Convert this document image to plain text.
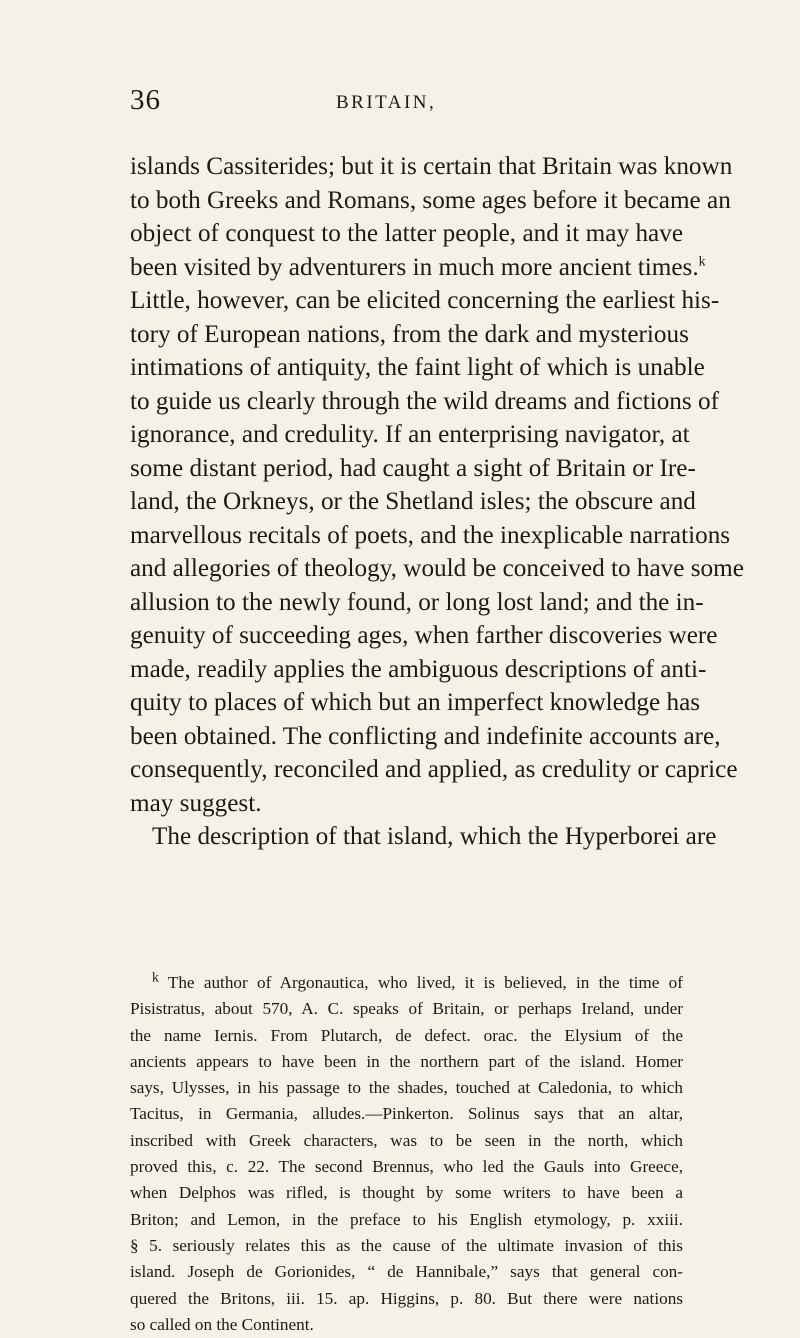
36	BRITAIN,
islands Cassiterides; but it is certain that Britain was known
to both Greeks and Romans, some ages before it became an
object of conquest to the latter people, and it may have
been visited by adventurers in much more ancient times.$^k$
Little, however, can be elicited concerning the earliest his-
tory of European nations, from the dark and mysterious
intimations of antiquity, the faint light of which is unable
to guide us clearly through the wild dreams and fictions of
ignorance, and credulity. If an enterprising navigator, at
some distant period, had caught a sight of Britain or Ire-
land, the Orkneys, or the Shetland isles; the obscure and
marvellous recitals of poets, and the inexplicable narrations
and allegories of theology, would be conceived to have some
allusion to the newly found, or long lost land; and the in-
genuity of succeeding ages, when farther discoveries were
made, readily applies the ambiguous descriptions of anti-
quity to places of which but an imperfect knowledge has
been obtained. The conflicting and indefinite accounts are,
consequently, reconciled and applied, as credulity or caprice
may suggest.
The description of that island, which the Hyperborei are
$^k$ The author of Argonautica, who lived, it is believed, in the time of
Pisistratus, about 570, A. C. speaks of Britain, or perhaps Ireland, under
the name Iernis. From Plutarch, de defect. orac. the Elysium of the
ancients appears to have been in the northern part of the island. Homer
says, Ulysses, in his passage to the shades, touched at Caledonia, to which
Tacitus, in Germania, alludes.—Pinkerton. Solinus says that an altar,
inscribed with Greek characters, was to be seen in the north, which
proved this, c. 22. The second Brennus, who led the Gauls into Greece,
when Delphos was rifled, is thought by some writers to have been a
Briton; and Lemon, in the preface to his English etymology, p. xxiii.
§ 5. seriously relates this as the cause of the ultimate invasion of this
island. Joseph de Gorionides, “ de Hannibale,” says that general con-
quered the Britons, iii. 15. ap. Higgins, p. 80. But there were nations
so called on the Continent.
